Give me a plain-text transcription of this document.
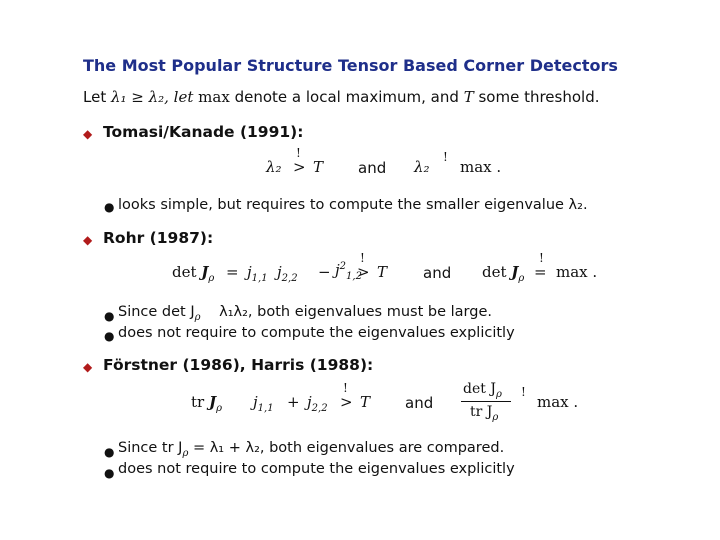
The Most Popular Structure Tensor Based Corner Detectors
Let λ₁ ≥ λ₂, let max denote a local maximum, and T some threshold.
◆ Tomasi/Kanade (1991):
!
λ₂ > T and λ₂
!
max .
● looks simple, but requires to compute the smaller eigenvalue λ₂.
◆ Rohr (1987):
$\det J_\rho = j_{1,1}$ $j_{2,2} - j^2_{1,2}$
!
> T and $\det J_\rho$
!
= max .
● Since $\det J_\rho$ λ₁λ₂, both eigenvalues must be large.
● does not require to compute the eigenvalues explicitly
◆ Förstner (1986), Harris (1988):
tr $J_\rho$ $j_{1,1} + j_{2,2}$
!
> T and
$\det J_\rho$
tr $J_\rho$
!
max .
● Since tr $J_\rho = \lambda_1 + \lambda_2$, both eigenvalues are compared.
● does not require to compute the eigenvalues explicitly
